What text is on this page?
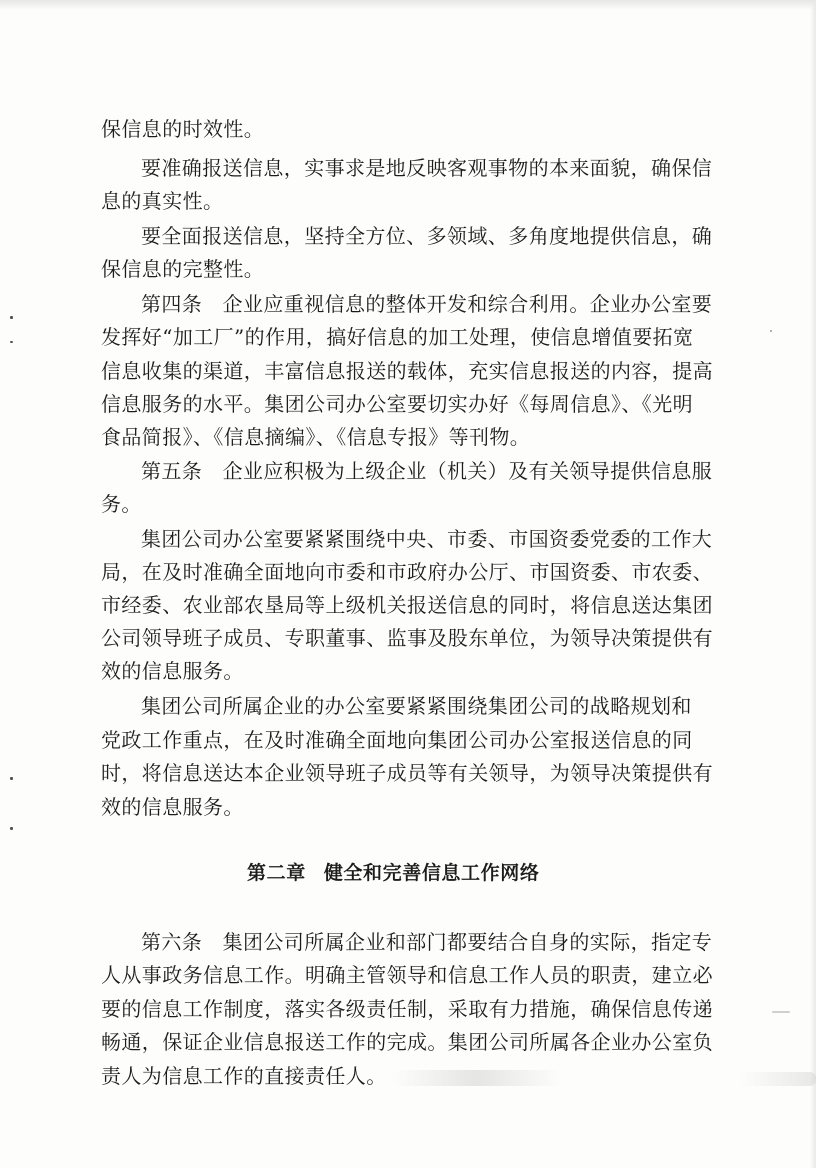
保信息的时效性。
要准确报送信息，实事求是地反映客观事物的本来面貌，确保信
息的真实性。
要全面报送信息，坚持全方位、多领域、多角度地提供信息，确
保信息的完整性。
第四条　企业应重视信息的整体开发和综合利用。企业办公室要
发挥好“加工厂”的作用，搞好信息的加工处理，使信息增值要拓宽
信息收集的渠道，丰富信息报送的载体，充实信息报送的内容，提高
信息服务的水平。集团公司办公室要切实办好《每周信息》、《光明
食品简报》、《信息摘编》、《信息专报》等刊物。
第五条　企业应积极为上级企业（机关）及有关领导提供信息服
务。
集团公司办公室要紧紧围绕中央、市委、市国资委党委的工作大
局，在及时准确全面地向市委和市政府办公厅、市国资委、市农委、
市经委、农业部农垦局等上级机关报送信息的同时，将信息送达集团
公司领导班子成员、专职董事、监事及股东单位，为领导决策提供有
效的信息服务。
集团公司所属企业的办公室要紧紧围绕集团公司的战略规划和
党政工作重点，在及时准确全面地向集团公司办公室报送信息的同
时，将信息送达本企业领导班子成员等有关领导，为领导决策提供有
效的信息服务。
第二章 健全和完善信息工作网络
第六条　集团公司所属企业和部门都要结合自身的实际，指定专
人从事政务信息工作。明确主管领导和信息工作人员的职责，建立必
要的信息工作制度，落实各级责任制，采取有力措施，确保信息传递
畅通，保证企业信息报送工作的完成。集团公司所属各企业办公室负
责人为信息工作的直接责任人。
